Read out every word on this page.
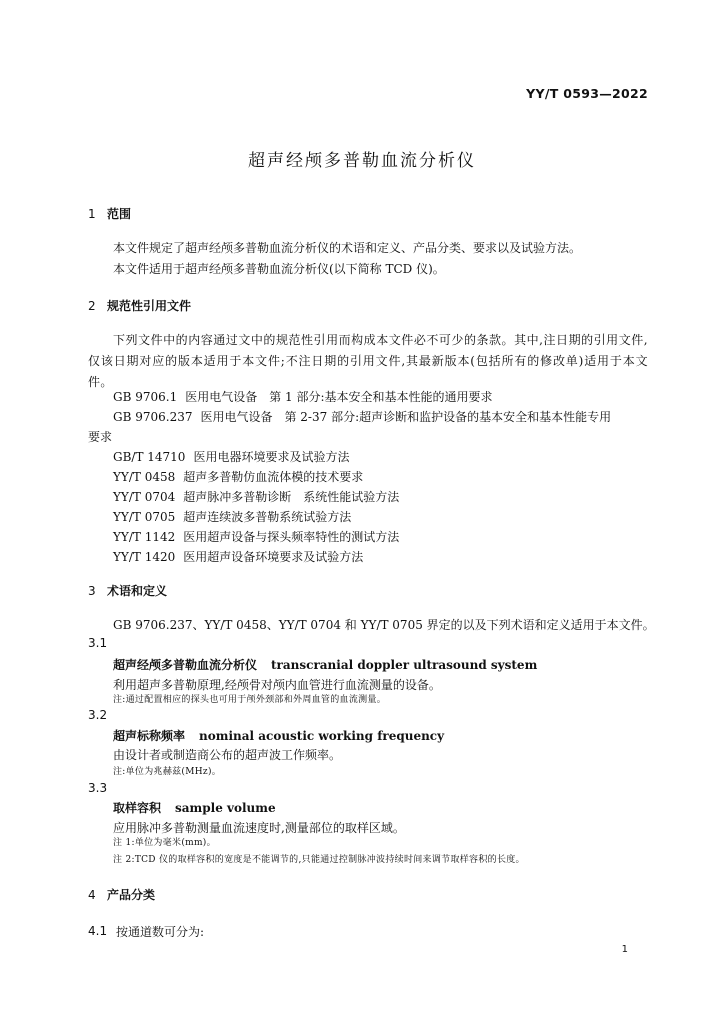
YY/T 0593—2022
超声经颅多普勒血流分析仪
1 范围
本文件规定了超声经颅多普勒血流分析仪的术语和定义、产品分类、要求以及试验方法。
本文件适用于超声经颅多普勒血流分析仪(以下简称 TCD 仪)。
2 规范性引用文件
下列文件中的内容通过文中的规范性引用而构成本文件必不可少的条款。其中,注日期的引用文件,仅该日期对应的版本适用于本文件;不注日期的引用文件,其最新版本(包括所有的修改单)适用于本文件。
GB 9706.1 医用电气设备　第 1 部分:基本安全和基本性能的通用要求
GB 9706.237 医用电气设备　第 2-37 部分:超声诊断和监护设备的基本安全和基本性能专用
要求
GB/T 14710 医用电器环境要求及试验方法
YY/T 0458 超声多普勒仿血流体模的技术要求
YY/T 0704 超声脉冲多普勒诊断　系统性能试验方法
YY/T 0705 超声连续波多普勒系统试验方法
YY/T 1142 医用超声设备与探头频率特性的测试方法
YY/T 1420 医用超声设备环境要求及试验方法
3 术语和定义
GB 9706.237、YY/T 0458、YY/T 0704 和 YY/T 0705 界定的以及下列术语和定义适用于本文件。
3.1
超声经颅多普勒血流分析仪 transcranial doppler ultrasound system
利用超声多普勒原理,经颅骨对颅内血管进行血流测量的设备。
注:通过配置相应的探头也可用于颅外颈部和外周血管的血流测量。
3.2
超声标称频率 nominal acoustic working frequency
由设计者或制造商公布的超声波工作频率。
注:单位为兆赫兹(MHz)。
3.3
取样容积 sample volume
应用脉冲多普勒测量血流速度时,测量部位的取样区域。
注 1:单位为毫米(mm)。
注 2:TCD 仪的取样容积的宽度是不能调节的,只能通过控制脉冲波持续时间来调节取样容积的长度。
4 产品分类
4.1 按通道数可分为:
1
